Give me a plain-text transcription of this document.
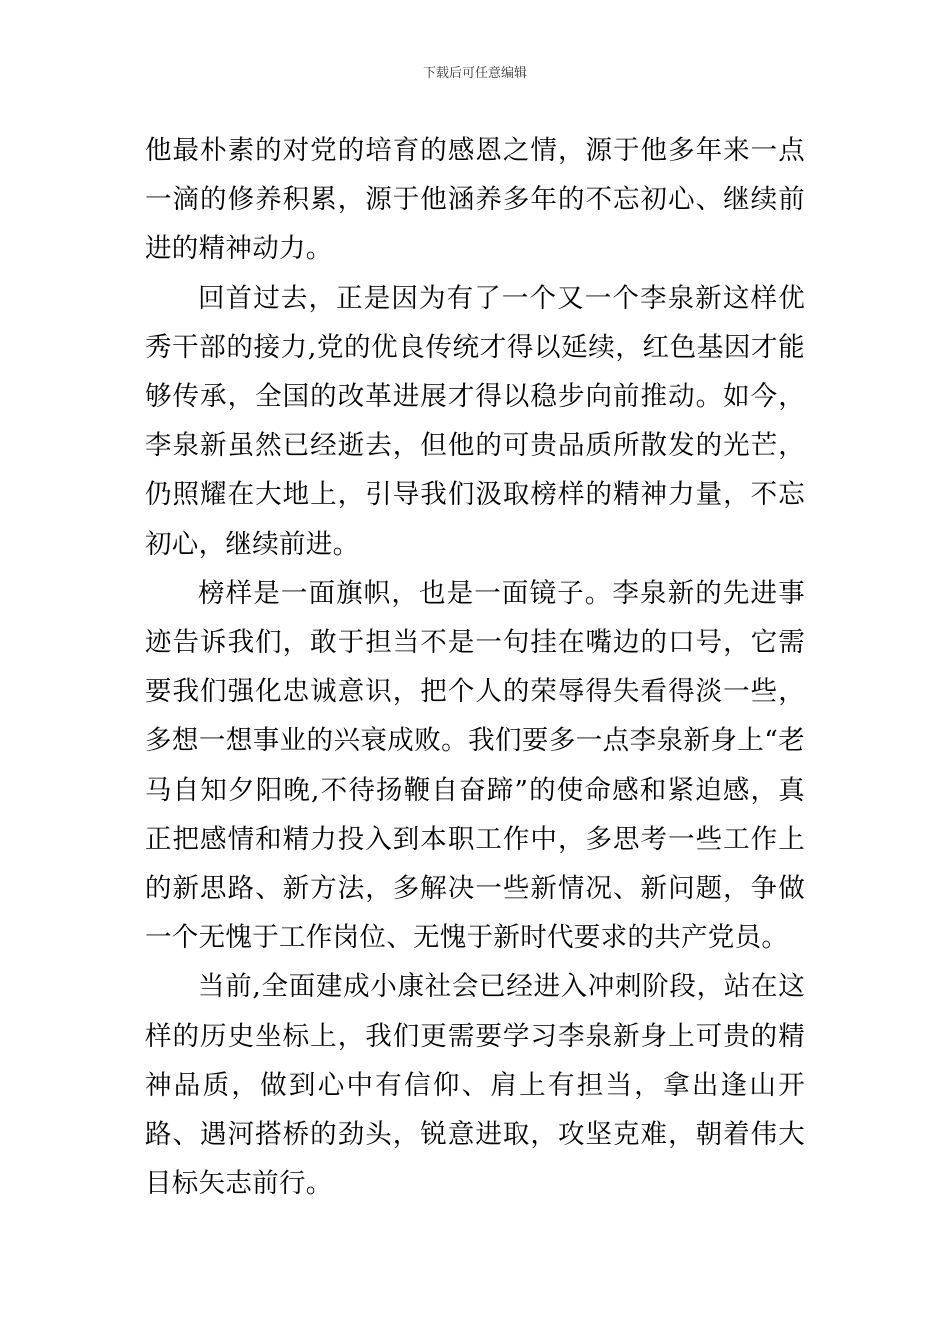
下载后可任意编辑

他最朴素的对党的培育的感恩之情，源于他多年来一点一滴的修养积累，源于他涵养多年的不忘初心、继续前进的精神动力。

回首过去，正是因为有了一个又一个李泉新这样优秀干部的接力,党的优良传统才得以延续，红色基因才能够传承，全国的改革进展才得以稳步向前推动。如今，李泉新虽然已经逝去，但他的可贵品质所散发的光芒，仍照耀在大地上，引导我们汲取榜样的精神力量，不忘初心，继续前进。

榜样是一面旗帜，也是一面镜子。李泉新的先进事迹告诉我们，敢于担当不是一句挂在嘴边的口号，它需要我们强化忠诚意识，把个人的荣辱得失看得淡一些，多想一想事业的兴衰成败。我们要多一点李泉新身上“老马自知夕阳晚,不待扬鞭自奋蹄”的使命感和紧迫感，真正把感情和精力投入到本职工作中，多思考一些工作上的新思路、新方法，多解决一些新情况、新问题，争做一个无愧于工作岗位、无愧于新时代要求的共产党员。

当前,全面建成小康社会已经进入冲刺阶段，站在这样的历史坐标上，我们更需要学习李泉新身上可贵的精神品质，做到心中有信仰、肩上有担当，拿出逢山开路、遇河搭桥的劲头，锐意进取，攻坚克难，朝着伟大目标矢志前行。
